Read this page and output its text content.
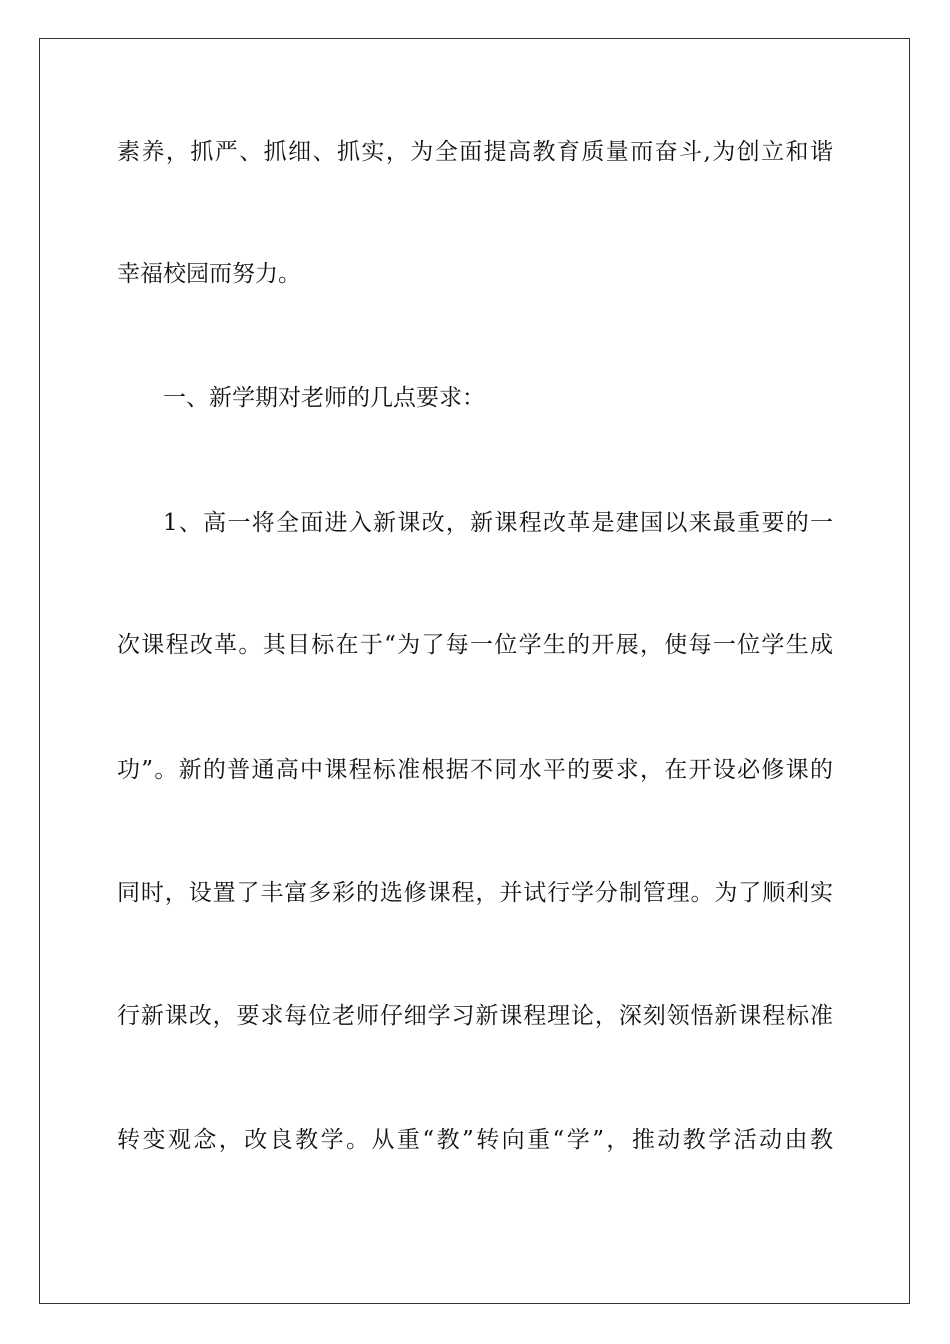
素养，抓严、抓细、抓实，为全面提高教育质量而奋斗,为创立和谐
幸福校园而努力。
一、新学期对老师的几点要求：
1、高一将全面进入新课改，新课程改革是建国以来最重要的一
次课程改革。其目标在于“为了每一位学生的开展，使每一位学生成
功”。新的普通高中课程标准根据不同水平的要求，在开设必修课的
同时，设置了丰富多彩的选修课程，并试行学分制管理。为了顺利实
行新课改，要求每位老师仔细学习新课程理论，深刻领悟新课程标准
转变观念，改良教学。从重“教”转向重“学”，推动教学活动由教
